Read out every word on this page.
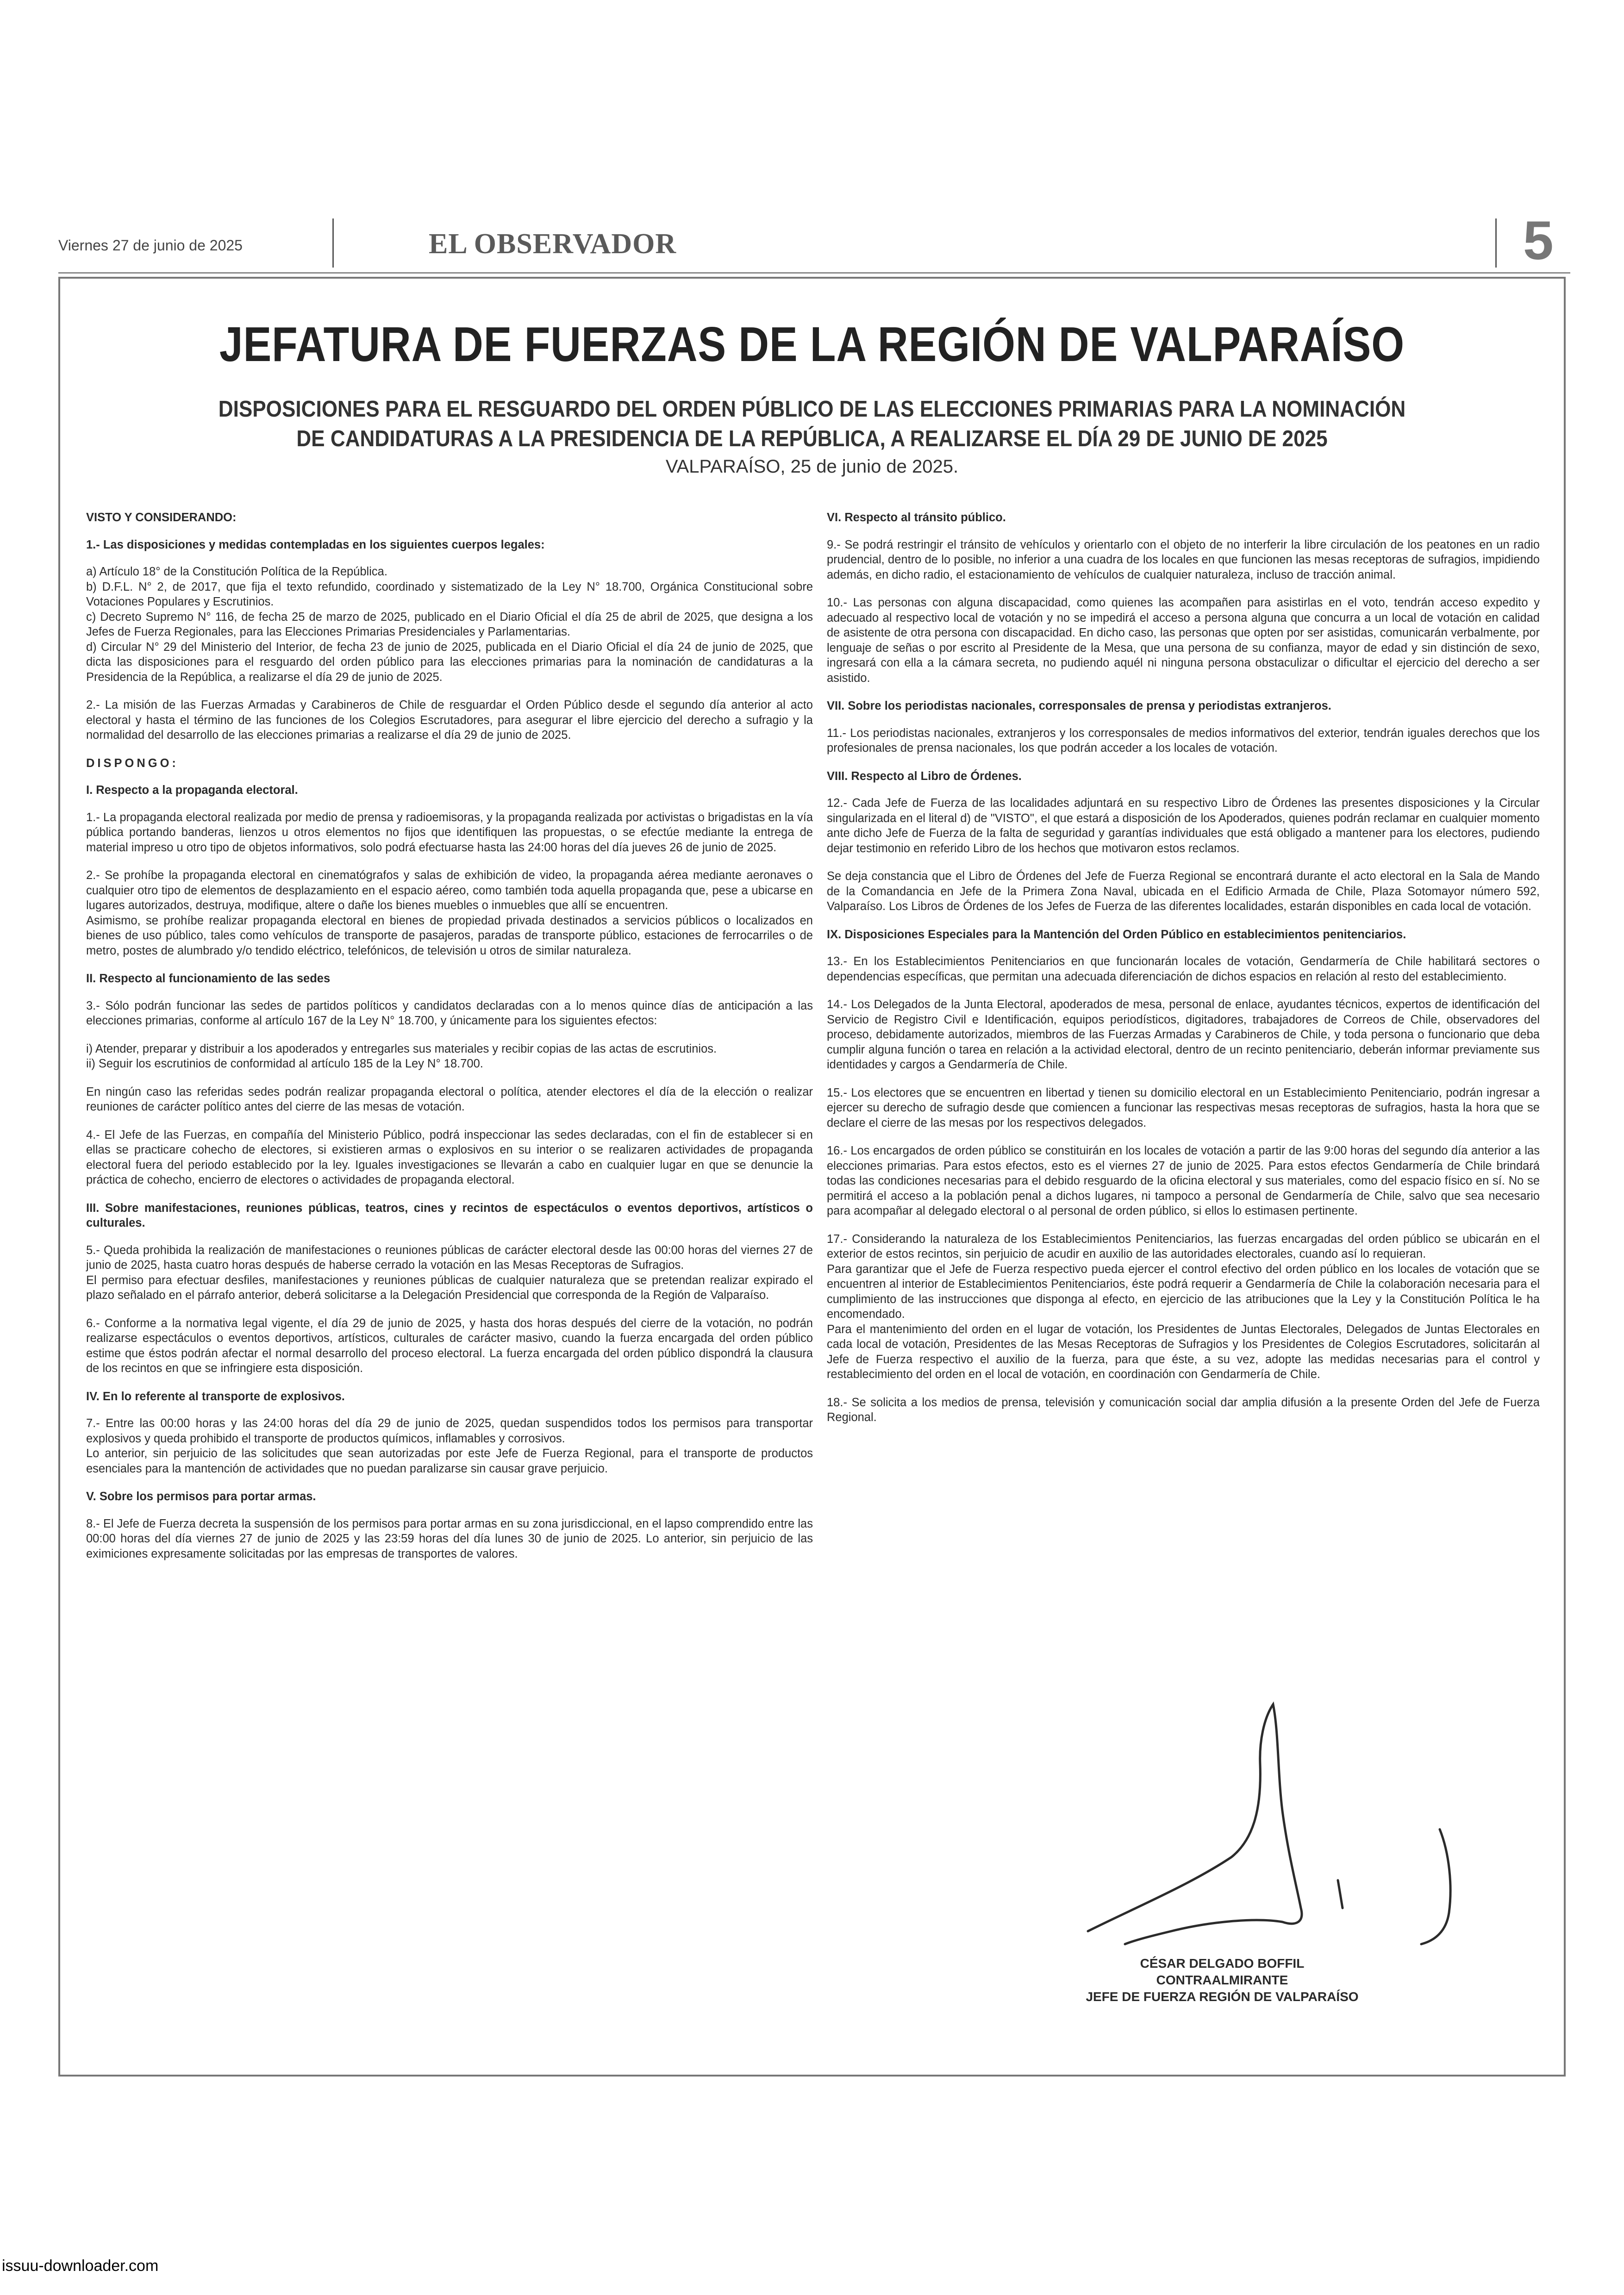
Viernes 27 de junio de 2025	EL OBSERVADOR	5
JEFATURA DE FUERZAS DE LA REGIÓN DE VALPARAÍSO
DISPOSICIONES PARA EL RESGUARDO DEL ORDEN PÚBLICO DE LAS ELECCIONES PRIMARIAS PARA LA NOMINACIÓN
DE CANDIDATURAS A LA PRESIDENCIA DE LA REPÚBLICA, A REALIZARSE EL DÍA 29 DE JUNIO DE 2025
VALPARAÍSO, 25 de junio de 2025.

VISTO Y CONSIDERANDO:

1.- Las disposiciones y medidas contempladas en los siguientes cuerpos legales:

a) Artículo 18° de la Constitución Política de la República.
b) D.F.L. N° 2, de 2017, que fija el texto refundido, coordinado y sistematizado de la Ley N° 18.700, Orgánica Constitucional sobre Votaciones Populares y Escrutinios.
c) Decreto Supremo N° 116, de fecha 25 de marzo de 2025, publicado en el Diario Oficial el día 25 de abril de 2025, que designa a los Jefes de Fuerza Regionales, para las Elecciones Primarias Presidenciales y Parlamentarias.
d) Circular N° 29 del Ministerio del Interior, de fecha 23 de junio de 2025, publicada en el Diario Oficial el día 24 de junio de 2025, que dicta las disposiciones para el resguardo del orden público para las elecciones primarias para la nominación de candidaturas a la Presidencia de la República, a realizarse el día 29 de junio de 2025.

2.- La misión de las Fuerzas Armadas y Carabineros de Chile de resguardar el Orden Público desde el segundo día anterior al acto electoral y hasta el término de las funciones de los Colegios Escrutadores, para asegurar el libre ejercicio del derecho a sufragio y la normalidad del desarrollo de las elecciones primarias a realizarse el día 29 de junio de 2025.

DISPONGO:

I. Respecto a la propaganda electoral.

1.- La propaganda electoral realizada por medio de prensa y radioemisoras, y la propaganda realizada por activistas o brigadistas en la vía pública portando banderas, lienzos u otros elementos no fijos que identifiquen las propuestas, o se efectúe mediante la entrega de material impreso u otro tipo de objetos informativos, solo podrá efectuarse hasta las 24:00 horas del día jueves 26 de junio de 2025.

2.- Se prohíbe la propaganda electoral en cinematógrafos y salas de exhibición de video, la propaganda aérea mediante aeronaves o cualquier otro tipo de elementos de desplazamiento en el espacio aéreo, como también toda aquella propaganda que, pese a ubicarse en lugares autorizados, destruya, modifique, altere o dañe los bienes muebles o inmuebles que allí se encuentren.
Asimismo, se prohíbe realizar propaganda electoral en bienes de propiedad privada destinados a servicios públicos o localizados en bienes de uso público, tales como vehículos de transporte de pasajeros, paradas de transporte público, estaciones de ferrocarriles o de metro, postes de alumbrado y/o tendido eléctrico, telefónicos, de televisión u otros de similar naturaleza.

II. Respecto al funcionamiento de las sedes

3.- Sólo podrán funcionar las sedes de partidos políticos y candidatos declaradas con a lo menos quince días de anticipación a las elecciones primarias, conforme al artículo 167 de la Ley N° 18.700, y únicamente para los siguientes efectos:

i) Atender, preparar y distribuir a los apoderados y entregarles sus materiales y recibir copias de las actas de escrutinios.
ii) Seguir los escrutinios de conformidad al artículo 185 de la Ley N° 18.700.

En ningún caso las referidas sedes podrán realizar propaganda electoral o política, atender electores el día de la elección o realizar reuniones de carácter político antes del cierre de las mesas de votación.

4.- El Jefe de las Fuerzas, en compañía del Ministerio Público, podrá inspeccionar las sedes declaradas, con el fin de establecer si en ellas se practicare cohecho de electores, si existieren armas o explosivos en su interior o se realizaren actividades de propaganda electoral fuera del periodo establecido por la ley. Iguales investigaciones se llevarán a cabo en cualquier lugar en que se denuncie la práctica de cohecho, encierro de electores o actividades de propaganda electoral.

III. Sobre manifestaciones, reuniones públicas, teatros, cines y recintos de espectáculos o eventos deportivos, artísticos o culturales.

5.- Queda prohibida la realización de manifestaciones o reuniones públicas de carácter electoral desde las 00:00 horas del viernes 27 de junio de 2025, hasta cuatro horas después de haberse cerrado la votación en las Mesas Receptoras de Sufragios.
El permiso para efectuar desfiles, manifestaciones y reuniones públicas de cualquier naturaleza que se pretendan realizar expirado el plazo señalado en el párrafo anterior, deberá solicitarse a la Delegación Presidencial que corresponda de la Región de Valparaíso.

6.- Conforme a la normativa legal vigente, el día 29 de junio de 2025, y hasta dos horas después del cierre de la votación, no podrán realizarse espectáculos o eventos deportivos, artísticos, culturales de carácter masivo, cuando la fuerza encargada del orden público estime que éstos podrán afectar el normal desarrollo del proceso electoral. La fuerza encargada del orden público dispondrá la clausura de los recintos en que se infringiere esta disposición.

IV. En lo referente al transporte de explosivos.

7.- Entre las 00:00 horas y las 24:00 horas del día 29 de junio de 2025, quedan suspendidos todos los permisos para transportar explosivos y queda prohibido el transporte de productos químicos, inflamables y corrosivos.
Lo anterior, sin perjuicio de las solicitudes que sean autorizadas por este Jefe de Fuerza Regional, para el transporte de productos esenciales para la mantención de actividades que no puedan paralizarse sin causar grave perjuicio.

V. Sobre los permisos para portar armas.

8.- El Jefe de Fuerza decreta la suspensión de los permisos para portar armas en su zona jurisdiccional, en el lapso comprendido entre las 00:00 horas del día viernes 27 de junio de 2025 y las 23:59 horas del día lunes 30 de junio de 2025. Lo anterior, sin perjuicio de las eximiciones expresamente solicitadas por las empresas de transportes de valores.

VI. Respecto al tránsito público.

9.- Se podrá restringir el tránsito de vehículos y orientarlo con el objeto de no interferir la libre circulación de los peatones en un radio prudencial, dentro de lo posible, no inferior a una cuadra de los locales en que funcionen las mesas receptoras de sufragios, impidiendo además, en dicho radio, el estacionamiento de vehículos de cualquier naturaleza, incluso de tracción animal.

10.- Las personas con alguna discapacidad, como quienes las acompañen para asistirlas en el voto, tendrán acceso expedito y adecuado al respectivo local de votación y no se impedirá el acceso a persona alguna que concurra a un local de votación en calidad de asistente de otra persona con discapacidad. En dicho caso, las personas que opten por ser asistidas, comunicarán verbalmente, por lenguaje de señas o por escrito al Presidente de la Mesa, que una persona de su confianza, mayor de edad y sin distinción de sexo, ingresará con ella a la cámara secreta, no pudiendo aquél ni ninguna persona obstaculizar o dificultar el ejercicio del derecho a ser asistido.

VII. Sobre los periodistas nacionales, corresponsales de prensa y periodistas extranjeros.

11.- Los periodistas nacionales, extranjeros y los corresponsales de medios informativos del exterior, tendrán iguales derechos que los profesionales de prensa nacionales, los que podrán acceder a los locales de votación.

VIII. Respecto al Libro de Órdenes.

12.- Cada Jefe de Fuerza de las localidades adjuntará en su respectivo Libro de Órdenes las presentes disposiciones y la Circular singularizada en el literal d) de "VISTO", el que estará a disposición de los Apoderados, quienes podrán reclamar en cualquier momento ante dicho Jefe de Fuerza de la falta de seguridad y garantías individuales que está obligado a mantener para los electores, pudiendo dejar testimonio en referido Libro de los hechos que motivaron estos reclamos.

Se deja constancia que el Libro de Órdenes del Jefe de Fuerza Regional se encontrará durante el acto electoral en la Sala de Mando de la Comandancia en Jefe de la Primera Zona Naval, ubicada en el Edificio Armada de Chile, Plaza Sotomayor número 592, Valparaíso. Los Libros de Órdenes de los Jefes de Fuerza de las diferentes localidades, estarán disponibles en cada local de votación.

IX. Disposiciones Especiales para la Mantención del Orden Público en establecimientos penitenciarios.

13.- En los Establecimientos Penitenciarios en que funcionarán locales de votación, Gendarmería de Chile habilitará sectores o dependencias específicas, que permitan una adecuada diferenciación de dichos espacios en relación al resto del establecimiento.

14.- Los Delegados de la Junta Electoral, apoderados de mesa, personal de enlace, ayudantes técnicos, expertos de identificación del Servicio de Registro Civil e Identificación, equipos periodísticos, digitadores, trabajadores de Correos de Chile, observadores del proceso, debidamente autorizados, miembros de las Fuerzas Armadas y Carabineros de Chile, y toda persona o funcionario que deba cumplir alguna función o tarea en relación a la actividad electoral, dentro de un recinto penitenciario, deberán informar previamente sus identidades y cargos a Gendarmería de Chile.

15.- Los electores que se encuentren en libertad y tienen su domicilio electoral en un Establecimiento Penitenciario, podrán ingresar a ejercer su derecho de sufragio desde que comiencen a funcionar las respectivas mesas receptoras de sufragios, hasta la hora que se declare el cierre de las mesas por los respectivos delegados.

16.- Los encargados de orden público se constituirán en los locales de votación a partir de las 9:00 horas del segundo día anterior a las elecciones primarias. Para estos efectos, esto es el viernes 27 de junio de 2025. Para estos efectos Gendarmería de Chile brindará todas las condiciones necesarias para el debido resguardo de la oficina electoral y sus materiales, como del espacio físico en sí. No se permitirá el acceso a la población penal a dichos lugares, ni tampoco a personal de Gendarmería de Chile, salvo que sea necesario para acompañar al delegado electoral o al personal de orden público, si ellos lo estimasen pertinente.

17.- Considerando la naturaleza de los Establecimientos Penitenciarios, las fuerzas encargadas del orden público se ubicarán en el exterior de estos recintos, sin perjuicio de acudir en auxilio de las autoridades electorales, cuando así lo requieran.
Para garantizar que el Jefe de Fuerza respectivo pueda ejercer el control efectivo del orden público en los locales de votación que se encuentren al interior de Establecimientos Penitenciarios, éste podrá requerir a Gendarmería de Chile la colaboración necesaria para el cumplimiento de las instrucciones que disponga al efecto, en ejercicio de las atribuciones que la Ley y la Constitución Política le ha encomendado.
Para el mantenimiento del orden en el lugar de votación, los Presidentes de Juntas Electorales, Delegados de Juntas Electorales en cada local de votación, Presidentes de las Mesas Receptoras de Sufragios y los Presidentes de Colegios Escrutadores, solicitarán al Jefe de Fuerza respectivo el auxilio de la fuerza, para que éste, a su vez, adopte las medidas necesarias para el control y restablecimiento del orden en el local de votación, en coordinación con Gendarmería de Chile.

18.- Se solicita a los medios de prensa, televisión y comunicación social dar amplia difusión a la presente Orden del Jefe de Fuerza Regional.

CÉSAR DELGADO BOFFIL
CONTRAALMIRANTE
JEFE DE FUERZA REGIÓN DE VALPARAÍSO
issuu-downloader.com
